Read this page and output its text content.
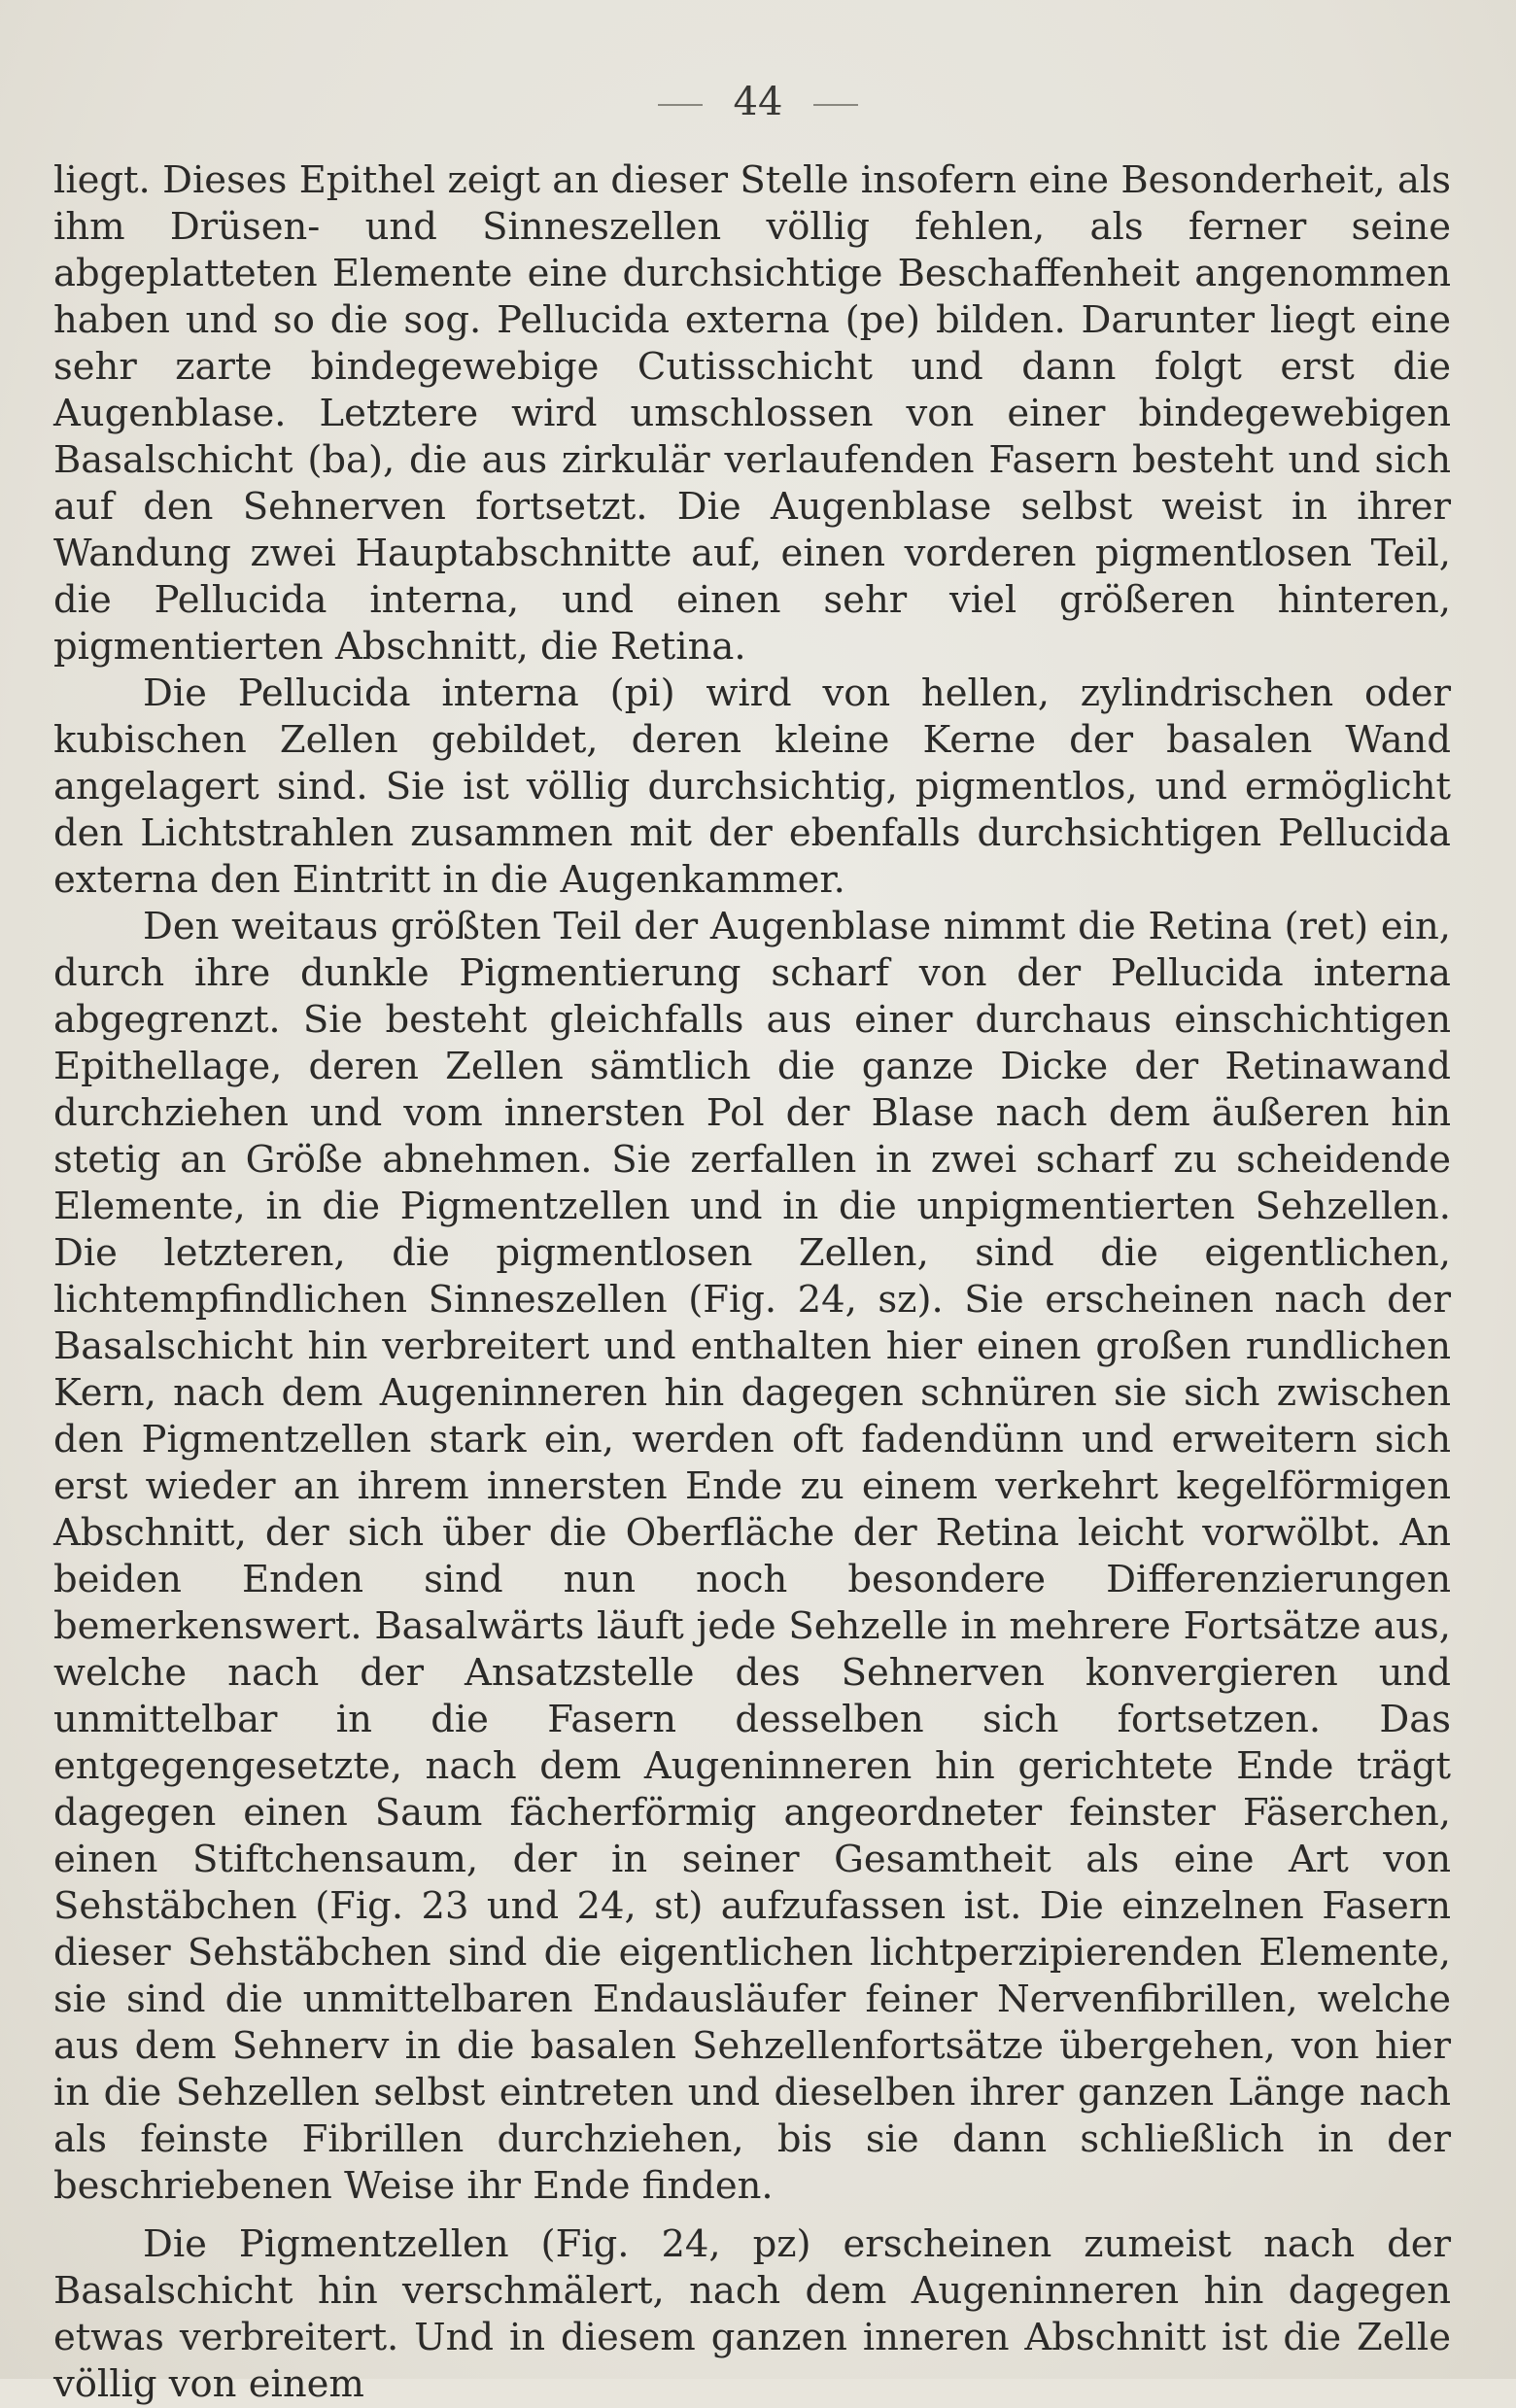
44

liegt. Dieses Epithel zeigt an dieser Stelle insofern eine Besonderheit, als ihm Drüsen- und Sinneszellen völlig fehlen, als ferner seine abgeplatteten Elemente eine durchsichtige Beschaffenheit angenommen haben und so die sog. Pellucida externa (pe) bilden. Darunter liegt eine sehr zarte bindegewebige Cutisschicht und dann folgt erst die Augenblase. Letztere wird umschlossen von einer bindegewebigen Basalschicht (ba), die aus zirkulär verlaufenden Fasern besteht und sich auf den Sehnerven fortsetzt. Die Augenblase selbst weist in ihrer Wandung zwei Hauptabschnitte auf, einen vorderen pigmentlosen Teil, die Pellucida interna, und einen sehr viel größeren hinteren, pigmentierten Abschnitt, die Retina.

Die Pellucida interna (pi) wird von hellen, zylindrischen oder kubischen Zellen gebildet, deren kleine Kerne der basalen Wand angelagert sind. Sie ist völlig durchsichtig, pigmentlos, und ermöglicht den Lichtstrahlen zusammen mit der ebenfalls durchsichtigen Pellucida externa den Eintritt in die Augenkammer.

Den weitaus größten Teil der Augenblase nimmt die Retina (ret) ein, durch ihre dunkle Pigmentierung scharf von der Pellucida interna abgegrenzt. Sie besteht gleichfalls aus einer durchaus einschichtigen Epithellage, deren Zellen sämtlich die ganze Dicke der Retinawand durchziehen und vom innersten Pol der Blase nach dem äußeren hin stetig an Größe abnehmen. Sie zerfallen in zwei scharf zu scheidende Elemente, in die Pigmentzellen und in die unpigmentierten Sehzellen. Die letzteren, die pigmentlosen Zellen, sind die eigentlichen, lichtempfindlichen Sinneszellen (Fig. 24, sz). Sie erscheinen nach der Basalschicht hin verbreitert und enthalten hier einen großen rundlichen Kern, nach dem Augeninneren hin dagegen schnüren sie sich zwischen den Pigmentzellen stark ein, werden oft fadendünn und erweitern sich erst wieder an ihrem innersten Ende zu einem verkehrt kegelförmigen Abschnitt, der sich über die Oberfläche der Retina leicht vorwölbt. An beiden Enden sind nun noch besondere Differenzierungen bemerkenswert. Basalwärts läuft jede Sehzelle in mehrere Fortsätze aus, welche nach der Ansatzstelle des Sehnerven konvergieren und unmittelbar in die Fasern desselben sich fortsetzen. Das entgegengesetzte, nach dem Augeninneren hin gerichtete Ende trägt dagegen einen Saum fächerförmig angeordneter feinster Fäserchen, einen Stiftchensaum, der in seiner Gesamtheit als eine Art von Sehstäbchen (Fig. 23 und 24, st) aufzufassen ist. Die einzelnen Fasern dieser Sehstäbchen sind die eigentlichen lichtperzipierenden Elemente, sie sind die unmittelbaren Endausläufer feiner Nervenfibrillen, welche aus dem Sehnerv in die basalen Sehzellenfortsätze übergehen, von hier in die Sehzellen selbst eintreten und dieselben ihrer ganzen Länge nach als feinste Fibrillen durchziehen, bis sie dann schließlich in der beschriebenen Weise ihr Ende finden.

Die Pigmentzellen (Fig. 24, pz) erscheinen zumeist nach der Basalschicht hin verschmälert, nach dem Augeninneren hin dagegen etwas verbreitert. Und in diesem ganzen inneren Abschnitt ist die Zelle völlig von einem
